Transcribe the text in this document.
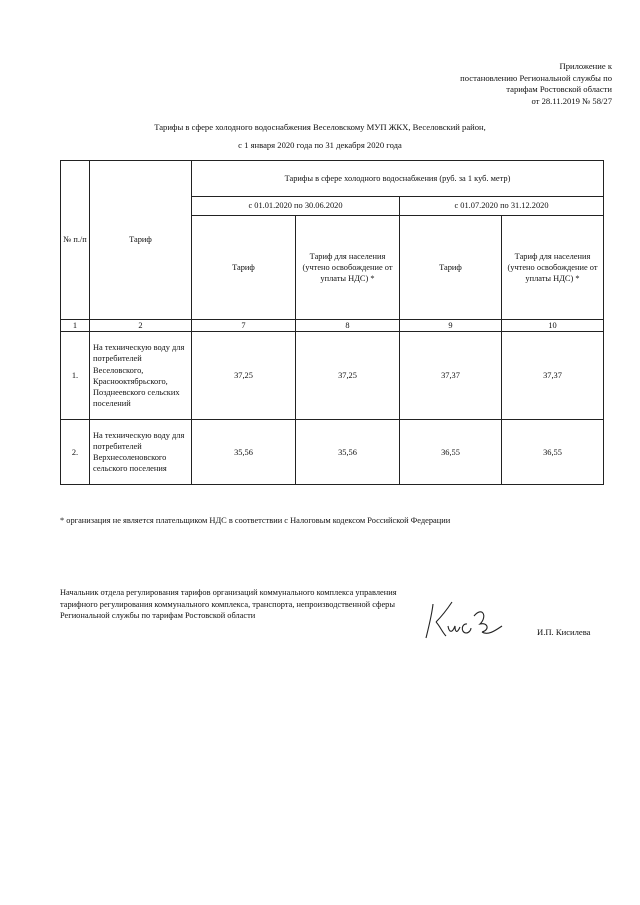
Приложение к
постановлению Региональной службы по
тарифам Ростовской области
от 28.11.2019 № 58/27
Тарифы в сфере холодного водоснабжения Веселовскому МУП ЖКХ, Веселовский район,
с 1 января 2020 года по 31 декабря 2020 года
№ п./п	Тариф	Тарифы в сфере холодного водоснабжения (руб. за 1 куб. метр)			
		с 01.01.2020 по 30.06.2020		с 01.07.2020 по 31.12.2020	
		Тариф	Тариф для населения (учтено освобождение от уплаты НДС) *	Тариф	Тариф для населения (учтено освобождение от уплаты НДС) *
1	2	7	8	9	10
1.	На техническую воду для потребителей Веселовского, Краснооктябрьского, Позднеевского сельских поселений	37,25	37,25	37,37	37,37
2.	На техническую воду для потребителей Верхнесоленовского сельского поселения	35,56	35,56	36,55	36,55
* организация не является плательщиком НДС в соответствии с Налоговым кодексом Российской Федерации
Начальник отдела регулирования тарифов организаций коммунального комплекса управления тарифного регулирования коммунального комплекса, транспорта, непроизводственной сферы Региональной службы по тарифам Ростовской области
И.П. Кисилева
